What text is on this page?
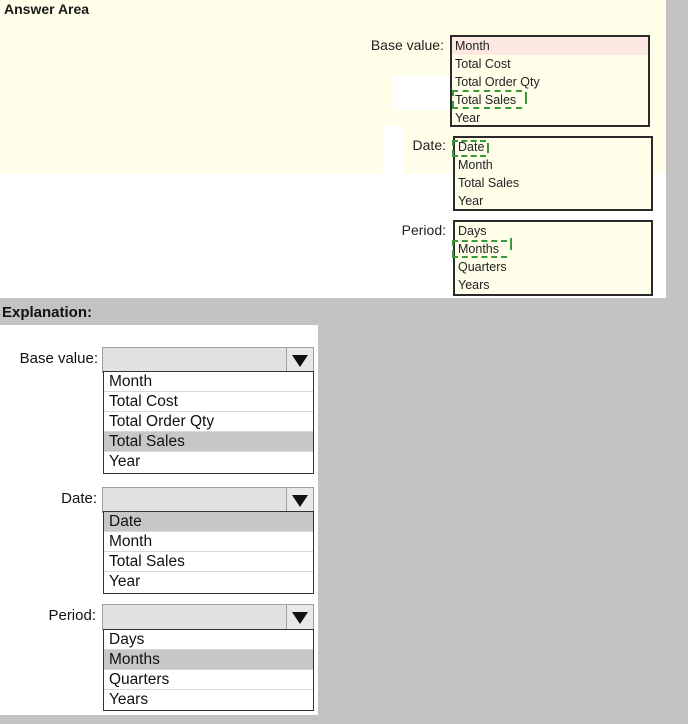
Answer Area
Base value: Month
Total Cost
Total Order Qty
Total Sales
Year
Date: Date
Month
Total Sales
Year
Period: Days
Months
Quarters
Years
Explanation:
Base value:
Month
Total Cost
Total Order Qty
Total Sales
Year
Date:
Date
Month
Total Sales
Year
Period:
Days
Months
Quarters
Years
